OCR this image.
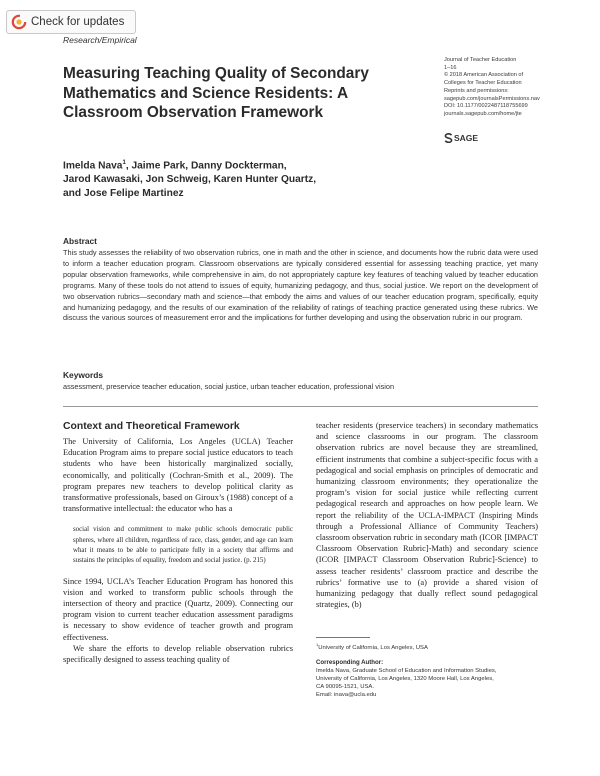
Check for updates
Research/Empirical
Measuring Teaching Quality of Secondary Mathematics and Science Residents: A Classroom Observation Framework
Journal of Teacher Education
1–16
© 2018 American Association of
Colleges for Teacher Education
Reprints and permissions:
sagepub.com/journalsPermissions.nav
DOI: 10.1177/0022487118755699
journals.sagepub.com/home/jte
SAGE
Imelda Nava$^1$, Jaime Park, Danny Dockterman,
Jarod Kawasaki, Jon Schweig, Karen Hunter Quartz,
and Jose Felipe Martinez
Abstract

This study assesses the reliability of two observation rubrics, one in math and the other in science, and documents how the rubric data were used to inform a teacher education program. Classroom observations are typically considered essential for assessing teaching practice, yet many popular observation frameworks, while comprehensive in aim, do not appropriately capture key features of teaching valued by teacher education programs. Many of these tools do not attend to issues of equity, humanizing pedagogy, and thus, social justice. We report on the development of two observation rubrics—secondary math and science—that embody the aims and values of our teacher education program, specifically, equity and humanizing pedagogy, and the results of our examination of the reliability of ratings of teaching practice generated using these rubrics. We discuss the various sources of measurement error and the implications for further developing and using the observation rubric in our program.

Keywords

assessment, preservice teacher education, social justice, urban teacher education, professional vision

Context and Theoretical Framework

The University of California, Los Angeles (UCLA) Teacher Education Program aims to prepare social justice educators to teach students who have been historically marginalized socially, economically, and politically (Cochran-Smith et al., 2009). The program prepares new teachers to develop political clarity as transformative professionals, based on Giroux’s (1988) concept of a transformative intellectual: the educator who has a

social vision and commitment to make public schools democratic public spheres, where all children, regardless of race, class, gender, and age can learn what it means to be able to participate fully in a society that affirms and sustains the principles of equality, freedom and social justice. (p. 215)

Since 1994, UCLA’s Teacher Education Program has honored this vision and worked to transform public schools through the intersection of theory and practice (Quartz, 2009). Connecting our program vision to current teacher education assessment paradigms is necessary to show evidence of teacher growth and program effectiveness.

We share the efforts to develop reliable observation rubrics specifically designed to assess teaching quality of

teacher residents (preservice teachers) in secondary mathematics and science classrooms in our program. The classroom observation rubrics are novel because they are streamlined, efficient instruments that combine a subject-specific focus with a pedagogical and social emphasis on principles of democratic and humanizing classroom environments; they operationalize the program’s vision for social justice while reflecting current pedagogical research and approaches on how people learn. We report the reliability of the UCLA-IMPACT (Inspiring Minds through a Professional Alliance of Community Teachers) classroom observation rubric in secondary math (ICOR [IMPACT Classroom Observation Rubric]-Math) and secondary science (ICOR [IMPACT Classroom Observation Rubric]-Science) to assess teacher residents’ classroom practice and describe the rubrics’ formative use to (a) provide a shared vision of humanizing pedagogy that dually reflect sound pedagogical strategies, (b)

$^1$University of California, Los Angeles, USA

Corresponding Author:

Imelda Nava, Graduate School of Education and Information Studies,

University of California, Los Angeles, 1320 Moore Hall, Los Angeles,

CA 90095-1521, USA.

Email: inava@ucla.edu
